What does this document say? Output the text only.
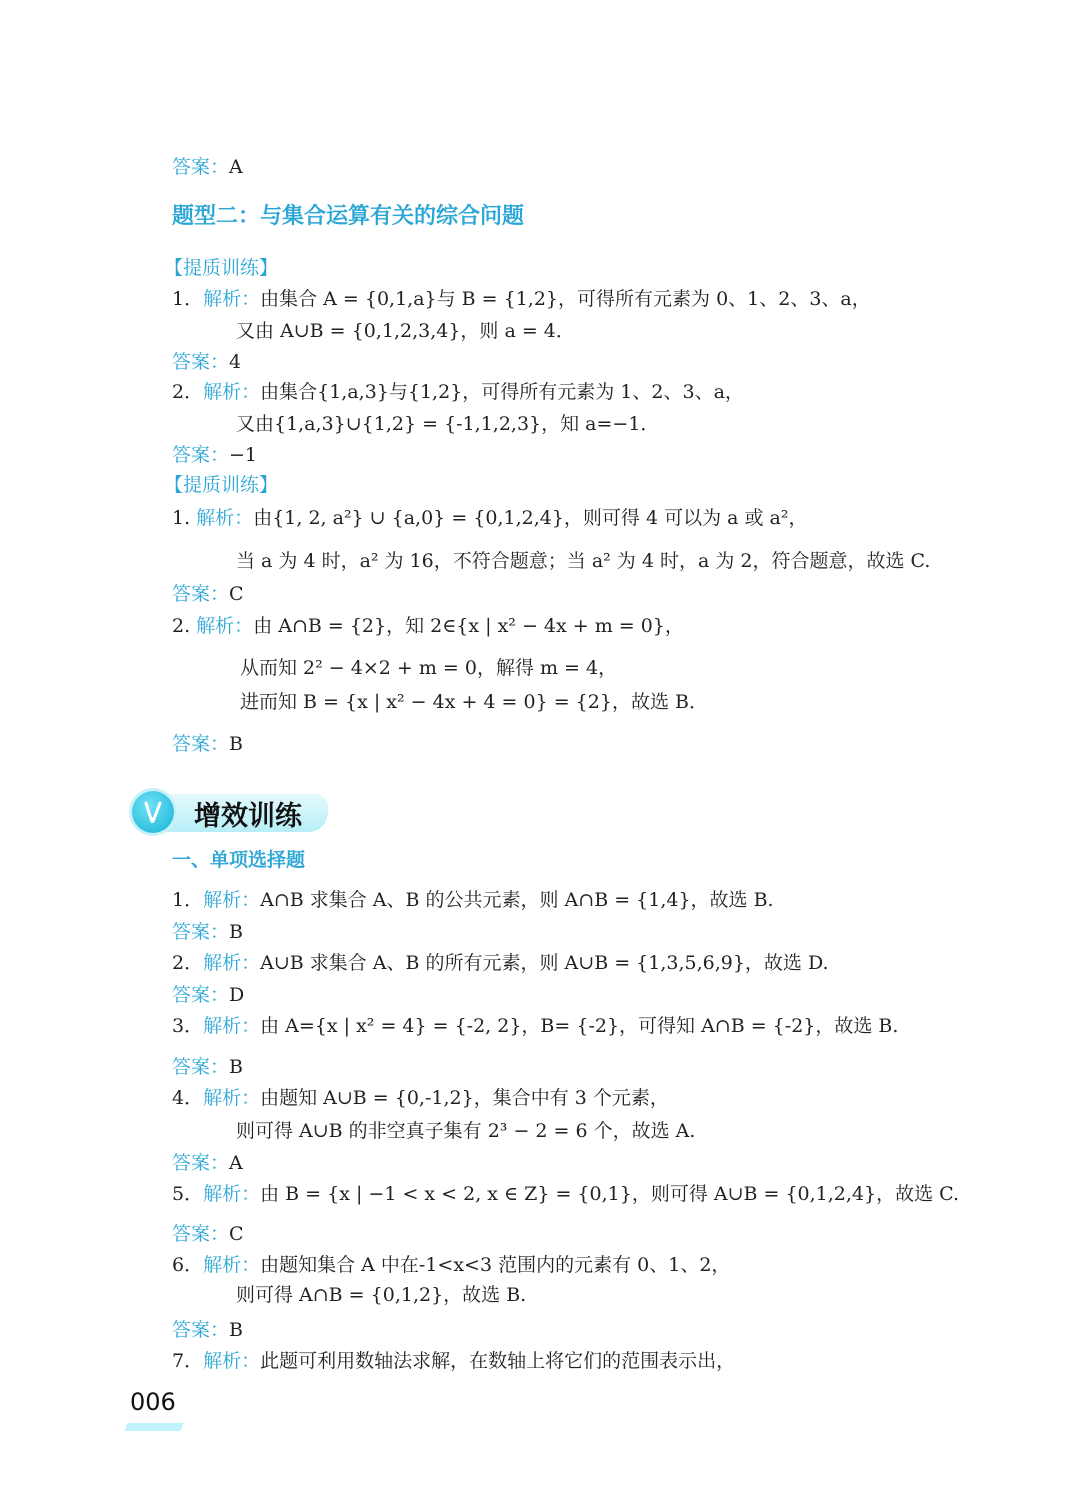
答案：A
题型二：与集合运算有关的综合问题
【提质训练】
1．解析：由集合 A = {0,1,a}与 B = {1,2}，可得所有元素为 0、1、2、3、a，
又由 A∪B = {0,1,2,3,4}，则 a = 4．
答案：4
2．解析：由集合{1,a,3}与{1,2}，可得所有元素为 1、2、3、a，
又由{1,a,3}∪{1,2} = {-1,1,2,3}，知 a=−1．
答案：−1
【提质训练】
1. 解析：由{1, 2, a²} ∪ {a,0} = {0,1,2,4}，则可得 4 可以为 a 或 a²，
当 a 为 4 时，a² 为 16，不符合题意；当 a² 为 4 时，a 为 2，符合题意，故选 C.
答案：C
2. 解析：由 A∩B = {2}，知 2∈{x | x² − 4x + m = 0}，
从而知 2² − 4×2 + m = 0，解得 m = 4，
进而知 B = {x | x² − 4x + 4 = 0} = {2}，故选 B．
答案：B
一、单项选择题
1．解析：A∩B 求集合 A、B 的公共元素，则 A∩B = {1,4}，故选 B.
答案：B
2．解析：A∪B 求集合 A、B 的所有元素，则 A∪B = {1,3,5,6,9}，故选 D.
答案：D
3．解析：由 A={x | x² = 4} = {-2, 2}，B= {-2}，可得知 A∩B = {-2}，故选 B.
答案：B
4．解析：由题知 A∪B = {0,-1,2}，集合中有 3 个元素，
则可得 A∪B 的非空真子集有 2³ − 2 = 6 个，故选 A.
答案：A
5．解析：由 B = {x | −1 < x < 2, x ∈ Z} = {0,1}，则可得 A∪B = {0,1,2,4}，故选 C.
答案：C
6．解析：由题知集合 A 中在-1<x<3 范围内的元素有 0、1、2，
则可得 A∩B = {0,1,2}，故选 B.
答案：B
7．解析：此题可利用数轴法求解，在数轴上将它们的范围表示出，
增效训练
006
